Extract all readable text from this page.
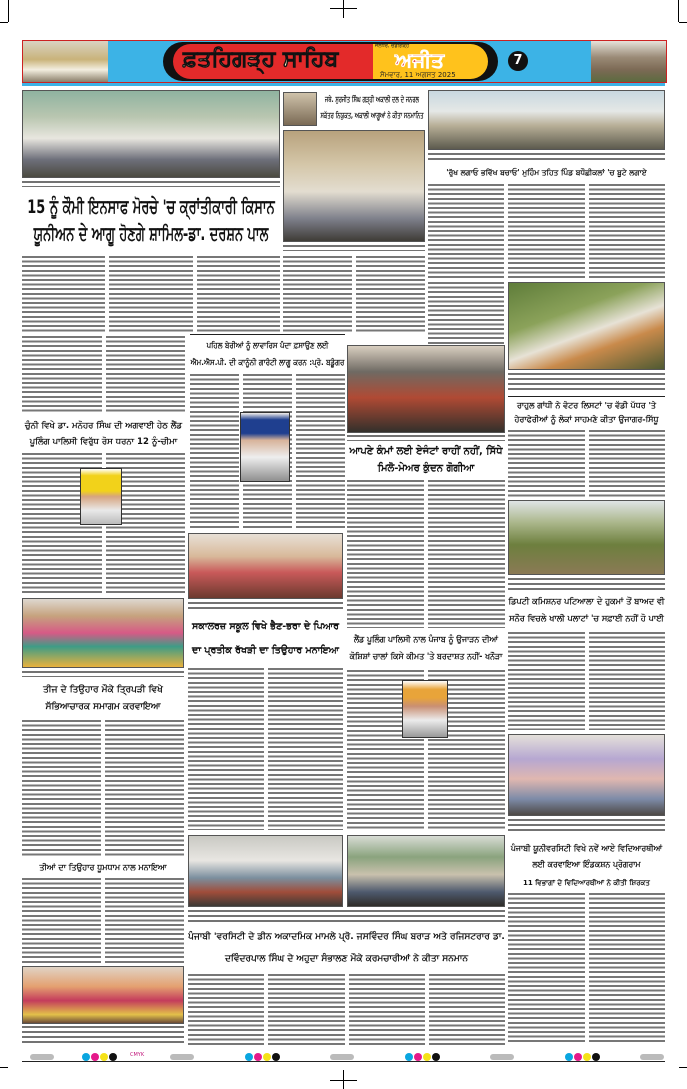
ਫ਼ਤਹਿਗੜ੍ਹ ਸਾਹਿਬ
ਜਲੰਧਰ, ਚੰਡੀਗੜ੍ਹ
ਅਜੀਤ
ਸੋਮਵਾਰ, 11 ਅਗਸਤ 2025
7
15 ਨੂੰ ਕੌਮੀ ਇਨਸਾਫ ਮੋਰਚੇ 'ਚ ਕ੍ਰਾਂਤੀਕਾਰੀ ਕਿਸਾਨ ਯੂਨੀਅਨ ਦੇ ਆਗੂ ਹੋਣਗੇ ਸ਼ਾਮਿਲ-ਡਾ. ਦਰਸ਼ਨ ਪਾਲ
ਜਥੇ. ਸੁਰਜੀਤ ਸਿੰਘ ਗੜ੍ਹੀ ਅਕਾਲੀ ਦਲ ਦੇ ਜਨਰਲ ਸਕੱਤਰ ਨਿਯੁਕਤ, ਅਕਾਲੀ ਆਗੂਆਂ ਨੇ ਕੀਤਾ ਸਨਮਾਨਿਤ
'ਰੁੱਖ ਲਗਾਓ ਭਵਿੱਖ ਬਚਾਓ' ਮੁਹਿੰਮ ਤਹਿਤ ਪਿੰਡ ਬਧੌਛੀਕਲਾਂ 'ਚ ਬੂਟੇ ਲਗਾਏ
ਰਾਹੁਲ ਗਾਂਧੀ ਨੇ ਵੋਟਰ ਲਿਸਟਾਂ 'ਚ ਵੱਡੀ ਪੱਧਰ 'ਤੇ ਹੇਰਾਫੇਰੀਆਂ ਨੂੰ ਲੋਕਾਂ ਸਾਹਮਣੇ ਕੀਤਾ ਉਜਾਗਰ-ਸਿੱਧੂ
ਡਿਪਟੀ ਕਮਿਸ਼ਨਰ ਪਟਿਆਲਾ ਦੇ ਹੁਕਮਾਂ ਤੋਂ ਬਾਅਦ ਵੀ ਸਨੌਰ ਵਿਚਲੇ ਖਾਲੀ ਪਲਾਟਾਂ 'ਚ ਸਫ਼ਾਈ ਨਹੀਂ ਹੋ ਪਾਈ
ਪਹਿਲ ਬੇਰੀਆਂ ਨੂੰ ਲਾਵਾਰਿਸ ਪੰਦਾ ਫ਼ਸਾਉਣ ਲਈ ਐਮ.ਐਸ.ਪੀ. ਦੀ ਕਾਨੂੰਨੀ ਗਾਰੰਟੀ ਲਾਗੂ ਕਰਨ :ਪ੍ਰੋ. ਬਡੂੰਗਰ
ਆਪਣੇ ਕੰਮਾਂ ਲਈ ਏਜੰਟਾਂ ਰਾਹੀਂ ਨਹੀਂ, ਸਿੱਧੇ ਮਿਲੋ-ਮੇਅਰ ਕੁੰਦਨ ਗੋਗੀਆ
ਚੁੰਨੀ ਵਿਖੇ ਡਾ. ਮਨੋਹਰ ਸਿੰਘ ਦੀ ਅਗਵਾਈ ਹੇਠ ਲੈਂਡ ਪੂਲਿੰਗ ਪਾਲਿਸੀ ਵਿਰੁੱਧ ਰੋਸ ਧਰਨਾ 12 ਨੂੰ-ਚੀਮਾ
ਸਕਾਲਰਜ਼ ਸਕੂਲ ਵਿਖੇ ਭੈਣ-ਭਰਾ ਦੇ ਪਿਆਰ ਦਾ ਪ੍ਰਤੀਕ ਰੱਖੜੀ ਦਾ ਤਿਉਹਾਰ ਮਨਾਇਆ
ਤੀਜ ਦੇ ਤਿਉਹਾਰ ਮੌਕੇ ਤ੍ਰਿਪੜੀ ਵਿਖੇ ਸੱਭਿਆਚਾਰਕ ਸਮਾਗਮ ਕਰਵਾਇਆ
ਲੈਂਡ ਪੂਲਿੰਗ ਪਾਲਿਸੀ ਨਾਲ ਪੰਜਾਬ ਨੂੰ ਉਜਾੜਨ ਦੀਆਂ ਕੋਸ਼ਿਸ਼ਾਂ ਚਾਲਾਂ ਕਿਸੇ ਕੀਮਤ 'ਤੇ ਬਰਦਾਸ਼ਤ ਨਹੀਂ- ਖਨੌੜਾ
ਪੰਜਾਬੀ ਯੂਨੀਵਰਸਿਟੀ ਵਿਖੇ ਨਵੇਂ ਆਏ ਵਿਦਿਆਰਥੀਆਂ ਲਈ ਕਰਵਾਇਆ ਇੰਡਕਸ਼ਨ ਪ੍ਰੋਗਰਾਮ
11 ਵਿਭਾਗਾਂ ਦੇ ਵਿਦਿਆਰਥੀਆਂ ਨੇ ਕੀਤੀ ਸ਼ਿਰਕਤ
ਤੀਆਂ ਦਾ ਤਿਉਹਾਰ ਧੂਮਧਾਮ ਨਾਲ ਮਨਾਇਆ
ਪੰਜਾਬੀ 'ਵਰਸਿਟੀ ਦੇ ਡੀਨ ਅਕਾਦਮਿਕ ਮਾਮਲੇ ਪ੍ਰੋ. ਜਸਵਿੰਦਰ ਸਿੰਘ ਬਰਾੜ ਅਤੇ ਰਜਿਸਟਰਾਰ ਡਾ. ਦਵਿੰਦਰਪਾਲ ਸਿੰਘ ਦੇ ਅਹੁਦਾ ਸੰਭਾਲਣ ਮੌਕੇ ਕਰਮਚਾਰੀਆਂ ਨੇ ਕੀਤਾ ਸਨਮਾਨ
CMYK
